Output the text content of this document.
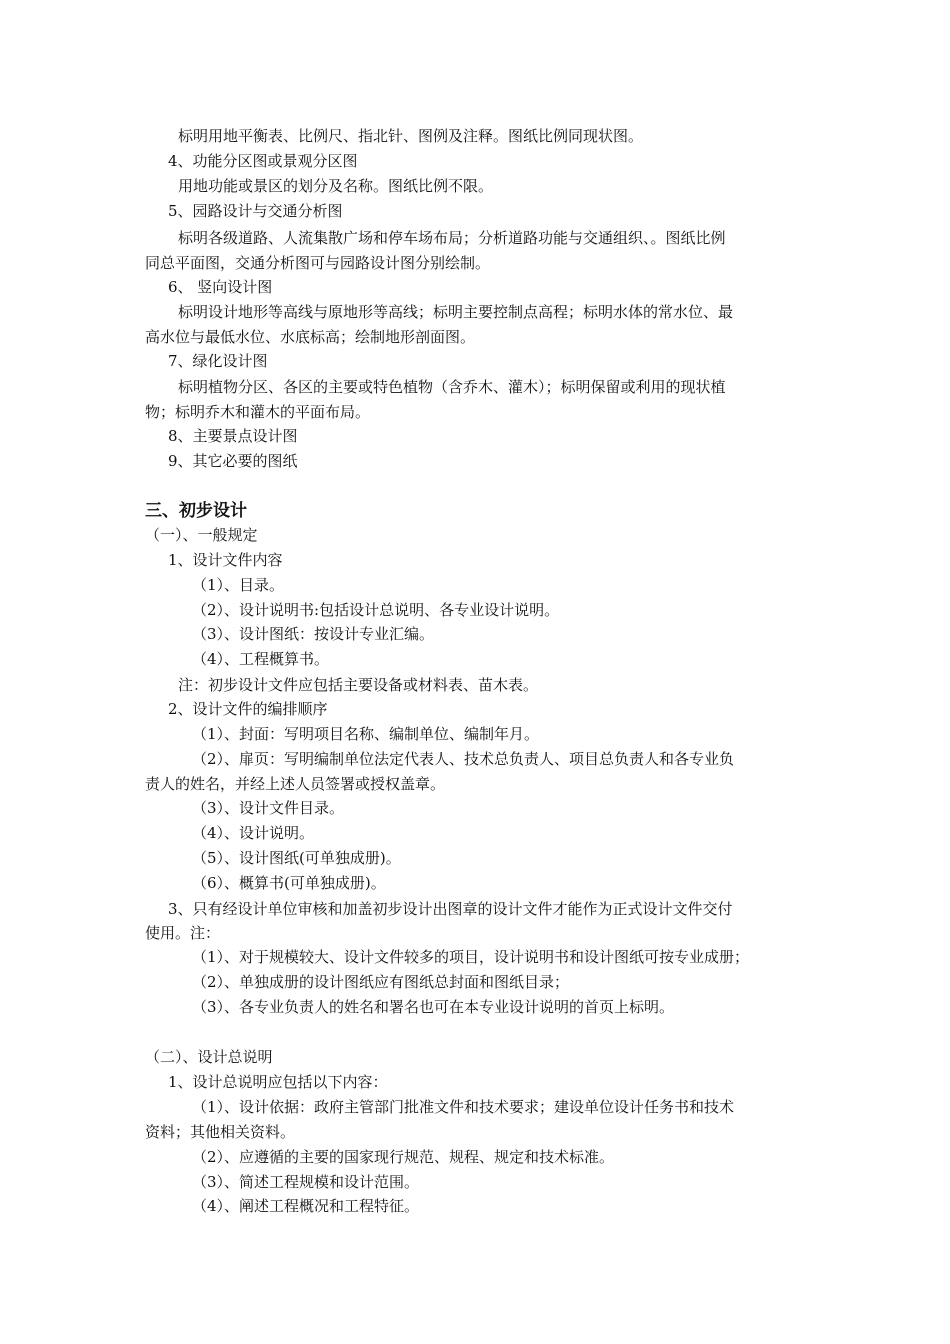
标明用地平衡表、比例尺、指北针、图例及注释。图纸比例同现状图。
4、功能分区图或景观分区图
用地功能或景区的划分及名称。图纸比例不限。
5、园路设计与交通分析图
标明各级道路、人流集散广场和停车场布局；分析道路功能与交通组织、。图纸比例
同总平面图，交通分析图可与园路设计图分别绘制。
6、 竖向设计图
标明设计地形等高线与原地形等高线；标明主要控制点高程；标明水体的常水位、最
高水位与最低水位、水底标高；绘制地形剖面图。
7、绿化设计图
标明植物分区、各区的主要或特色植物（含乔木、灌木）；标明保留或利用的现状植
物；标明乔木和灌木的平面布局。
8、主要景点设计图
9、其它必要的图纸
三、初步设计
（一）、一般规定
1、设计文件内容
（1）、目录。
（2）、设计说明书:包括设计总说明、各专业设计说明。
（3）、设计图纸：按设计专业汇编。
（4）、工程概算书。
注：初步设计文件应包括主要设备或材料表、苗木表。
2、设计文件的编排顺序
（1）、封面：写明项目名称、编制单位、编制年月。
（2）、扉页：写明编制单位法定代表人、技术总负责人、项目总负责人和各专业负
责人的姓名，并经上述人员签署或授权盖章。
（3）、设计文件目录。
（4）、设计说明。
（5）、设计图纸(可单独成册)。
（6）、概算书(可单独成册)。
3、只有经设计单位审核和加盖初步设计出图章的设计文件才能作为正式设计文件交付
使用。注：
（1）、对于规模较大、设计文件较多的项目，设计说明书和设计图纸可按专业成册；
（2）、单独成册的设计图纸应有图纸总封面和图纸目录；
（3）、各专业负责人的姓名和署名也可在本专业设计说明的首页上标明。
（二）、设计总说明
1、设计总说明应包括以下内容：
（1）、设计依据：政府主管部门批准文件和技术要求；建设单位设计任务书和技术
资料；其他相关资料。
（2）、应遵循的主要的国家现行规范、规程、规定和技术标准。
（3）、简述工程规模和设计范围。
（4）、阐述工程概况和工程特征。
